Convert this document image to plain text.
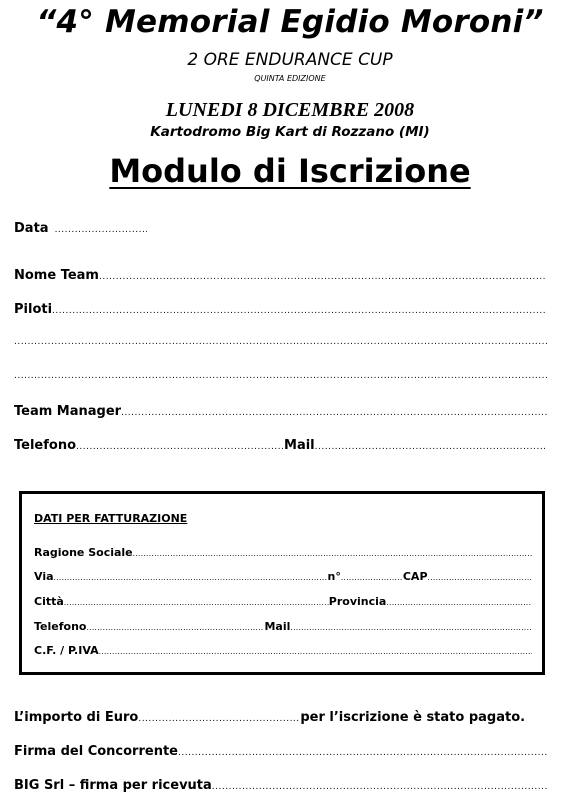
“4° Memorial Egidio Moroni”
2 ORE ENDURANCE CUP
QUINTA EDIZIONE
LUNEDI 8 DICEMBRE 2008
Kartodromo Big Kart di Rozzano (MI)
Modulo di Iscrizione
Data
.....
Nome Team
.....
Piloti
.....
.....
.....
Team Manager
.....
Telefono .....	Mail
.....
DATI PER FATTURAZIONE
Ragione Sociale
.....
Via .....	n° .....	CAP
.....
Città .....	Provincia
.....
Telefono .....	Mail
.....
C.F. / P.IVA
.....
L’importo di Euro .....	per l’iscrizione è stato pagato.
Firma del Concorrente
.....
BIG Srl – firma per ricevuta
.....
